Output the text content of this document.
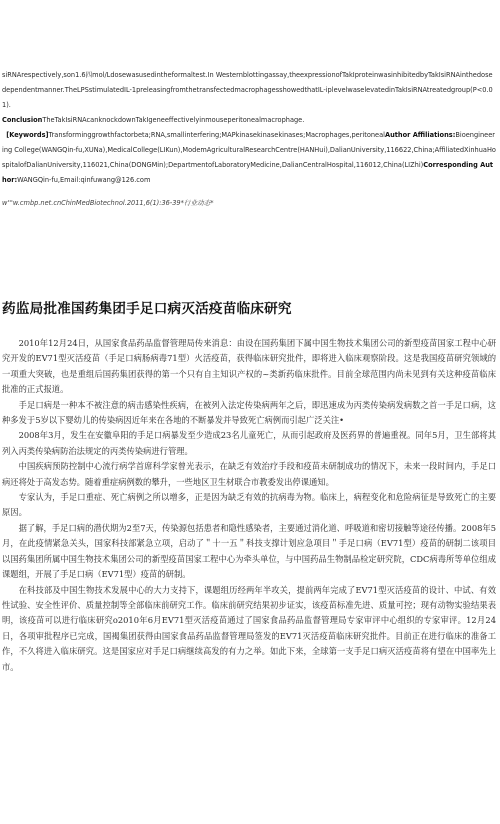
siRNArespectively,son1.6四mol/Ldosewasusedintheformaltest.In Westernblottingassay,theexpressionofTakIproteinwasinhibitedbyTakIsiRNAinthedosedependentmanner.TheLPSstimulatedIL-1preleasingfromthetransfectedmacrophagesshowedthatIL-iplevelwaselevatedinTakIsiRNAtreatedgroup(P<0.01).

ConclusionTheTakIsiRNAcanknockdownTakIgeneeffectivelyinmouseperitonealmacrophage.

[Keywords]Transforminggrowthfactorbeta;RNA,smallinterfering;MAPkinasekinasekinases;Macrophages,peritonealAuthor Affiliations:Bioengineering College(WANGQin-fu,XUNa),MedicalCollege(LIKun),ModemAgriculturalResearchCentre(HANHui),DalianUniversity,116622,China;AffiliatedXinhuaHospitalofDalianUniversity,116021,China(DONGMin);DepartmentofLaboratoryMedicine,DalianCentralHospital,116012,China(LIZhi)Corresponding Author:WANGQin-fu,Email:qinfuwang@126.com

w'''w.cmbp.net.cnChinMedBiotechnol.2011,6(1):36-39*行业动态*

药监局批准国药集团手足口病灭活疫苗临床研究

2010年12月24日，从国家食品药品监督管理局传来消息：由设在国药集团下属中国生物技术集团公司的新型疫苗国家工程中心研究开发的EV71型灭活疫苗（手足口病肠病毒71型）火活疫苗，获得临床研究批件，即将进入临床观察阶段。这是我国疫苗研究领域的一项重大突破，也是重组后国药集团获得的第一个只有自主知识产权的~类新药临床批件。目前全球范围内尚未见到有关这种疫苗临床批准的正式报道。

手足口病是一种本不被注意的病击感染性疾病，在被列入法定传染病两年之后，即迅速成为丙类传染病发病数之首一手足口病，这种多发于5岁以下婴幼儿的传染病因近年来在各地的不断暴发并导致死亡病例而引起广泛关注•

2008年3月，发生在安徽阜阳的手足口病暴发至少造成23名儿童死亡，从而引起政府及医药界的普遍重视。同年5月，卫生部将其列入丙类传染病防治法规定的丙类传染病进行管理。

中国疾病预防控制中心流行病学首席科学家曾光表示，在缺乏有效治疗手段和疫苗未研制成功的情况下，未来一段时间内，手足口病还将处于高发态势。随着重症病例数的攀升，一些地区卫生材联合市教委发出停课通知。

专家认为，手足口重症、死亡病例之所以增多，正是因为缺乏有效的抗病毒为物。临床上，病程变化和危险病征是导致死亡的主要原因。

据了解，手足口病的潜伏期为2至7天，传染源包括患者和隐性感染者，主要通过消化道、呼吸道和密切接触等途径传播。2008年5月，在此疫情紧急关头，国家科技部紧急立项，启动了＂十一五＂科技支撑计划应急项目＂手足口病（EV71型）疫苗的研制二该项目以国药集团所属中国生物技术集团公司的新型疫苗国家工程中心为牵头单位，与中国药品生物制品检定研究院，CDC病毒所等单位组成课题组，开展了手足口病（EV71型）疫苗的研制。

在科技部及中国生物技术发展中心的大力支持下，课题组历经两年半攻关，提前两年完成了EV71型灭活疫苗的设计、中试、有效性试验、安全性评价、质量控制等全部临床前研究工作。临床前研究结果初步证实，该疫苗标准先进、质量可控；现有动物实验结果表明，该疫苗可以进行临床研究o2010年6月EV71型灭活疫苗通过了国家食品药品监督管理局专家审评中心组织的专家审评。12月24日，各项审批程序已完成，国褐集团获得由国家食品药品监督管理局签发的EV71灭活疫苗临床研究批件。目前正在进行临床的准备工作，不久将进入临床研究。这是国家应对手足口病继续高发的有力之举。如此下来，全球第一支手足口病灭活疫苗将有望在中国率先上市。
